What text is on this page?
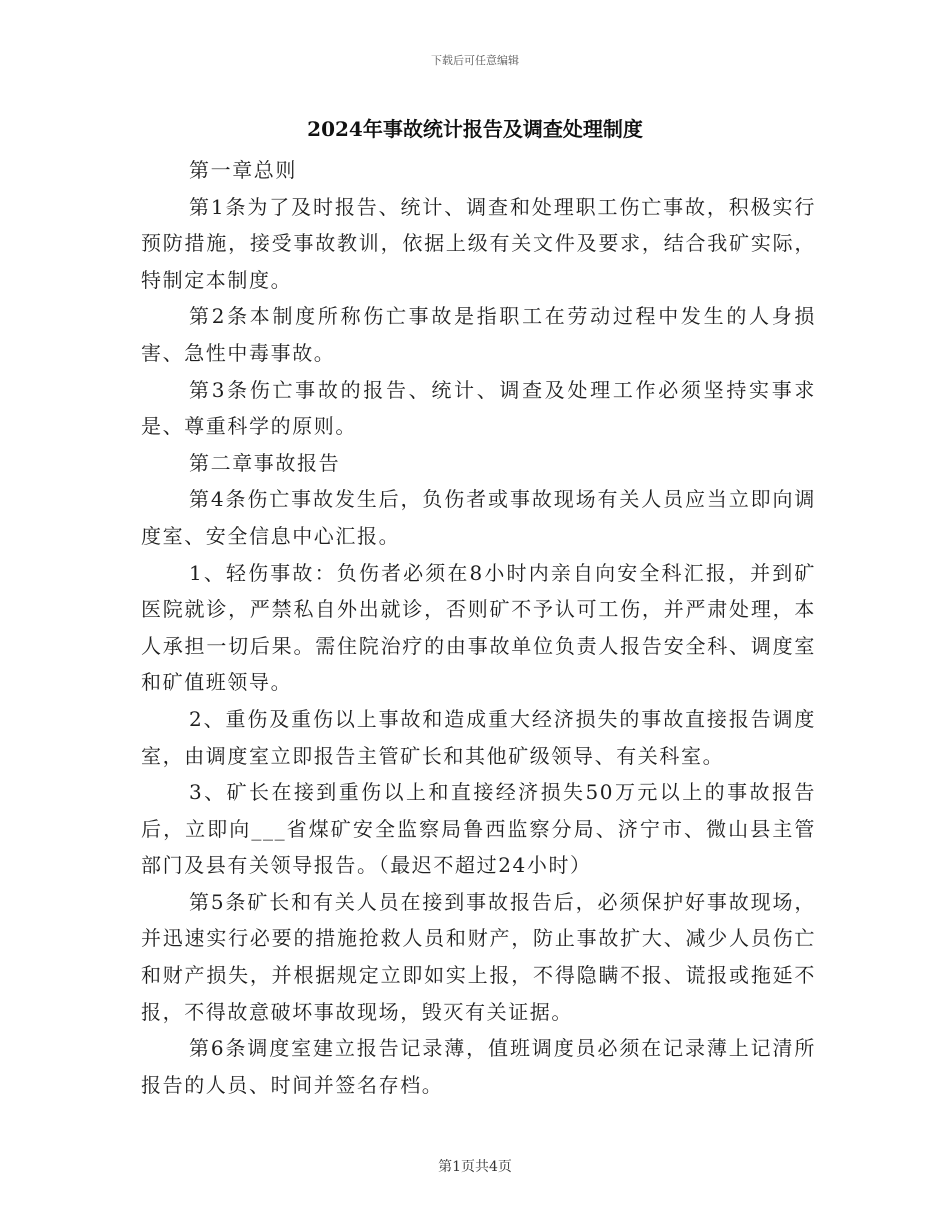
下载后可任意编辑
2024年事故统计报告及调查处理制度

第一章总则

第1条为了及时报告、统计、调查和处理职工伤亡事故，积极实行预防措施，接受事故教训，依据上级有关文件及要求，结合我矿实际，特制定本制度。

第2条本制度所称伤亡事故是指职工在劳动过程中发生的人身损害、急性中毒事故。

第3条伤亡事故的报告、统计、调查及处理工作必须坚持实事求是、尊重科学的原则。

第二章事故报告

第4条伤亡事故发生后，负伤者或事故现场有关人员应当立即向调度室、安全信息中心汇报。

1、轻伤事故：负伤者必须在8小时内亲自向安全科汇报，并到矿医院就诊，严禁私自外出就诊，否则矿不予认可工伤，并严肃处理，本人承担一切后果。需住院治疗的由事故单位负责人报告安全科、调度室和矿值班领导。

2、重伤及重伤以上事故和造成重大经济损失的事故直接报告调度室，由调度室立即报告主管矿长和其他矿级领导、有关科室。

3、矿长在接到重伤以上和直接经济损失50万元以上的事故报告后，立即向___省煤矿安全监察局鲁西监察分局、济宁市、微山县主管部门及县有关领导报告。（最迟不超过24小时）

第5条矿长和有关人员在接到事故报告后，必须保护好事故现场，并迅速实行必要的措施抢救人员和财产，防止事故扩大、减少人员伤亡和财产损失，并根据规定立即如实上报，不得隐瞒不报、谎报或拖延不报，不得故意破坏事故现场，毁灭有关证据。

第6条调度室建立报告记录薄，值班调度员必须在记录薄上记清所报告的人员、时间并签名存档。

第1页共4页
